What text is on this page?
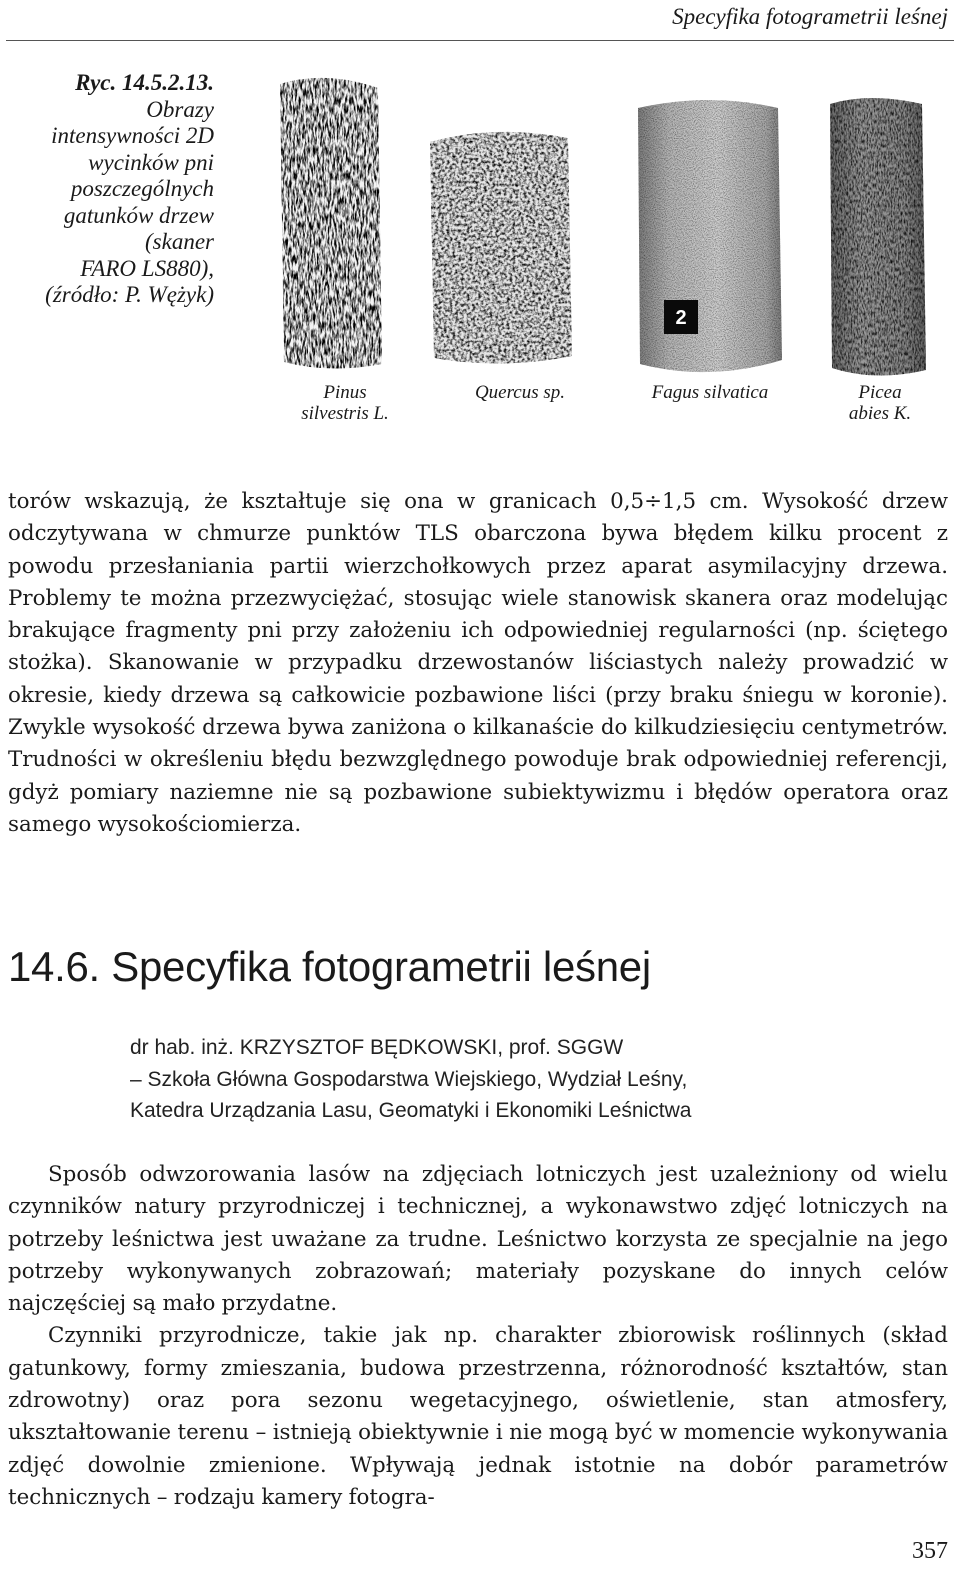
Specyfika fotogrametrii leśnej
Ryc. 14.5.2.13.
Obrazy
intensywności 2D
wycinków pni
poszczególnych
gatunków drzew
(skaner
FARO LS880),
(źródło: P. Wężyk)
2
Pinus
silvestris L.
Quercus sp.	Fagus silvatica	Picea
abies K.

torów wskazują, że kształtuje się ona w granicach 0,5÷1,5 cm. Wysokość drzew odczytywana w chmurze punktów TLS obarczona bywa błędem kilku procent z powodu przesłaniania partii wierzchołkowych przez aparat asymilacyjny drzewa. Problemy te można przezwyciężać, stosując wiele stanowisk skanera oraz modelując brakujące fragmenty pni przy założeniu ich odpowiedniej regularności (np. ściętego stożka). Skanowanie w przypadku drzewostanów liściastych należy prowadzić w okresie, kiedy drzewa są całkowicie pozbawione liści (przy braku śniegu w koronie). Zwykle wysokość drzewa bywa zaniżona o kilkanaście do kilkudziesięciu centymetrów. Trudności w określeniu błędu bezwzględnego powoduje brak odpowiedniej referencji, gdyż pomiary naziemne nie są pozbawione subiektywizmu i błędów operatora oraz samego wysokościomierza.

14.6. Specyfika fotogrametrii leśnej
dr hab. inż. KRZYSZTOF BĘDKOWSKI, prof. SGGW
– Szkoła Główna Gospodarstwa Wiejskiego, Wydział Leśny,
Katedra Urządzania Lasu, Geomatyki i Ekonomiki Leśnictwa

Sposób odwzorowania lasów na zdjęciach lotniczych jest uzależniony od wielu czynników natury przyrodniczej i technicznej, a wykonawstwo zdjęć lotniczych na potrzeby leśnictwa jest uważane za trudne. Leśnictwo korzysta ze specjalnie na jego potrzeby wykonywanych zobrazowań; materiały pozyskane do innych celów najczęściej są mało przydatne.

Czynniki przyrodnicze, takie jak np. charakter zbiorowisk roślinnych (skład gatunkowy, formy zmieszania, budowa przestrzenna, różnorodność kształtów, stan zdrowotny) oraz pora sezonu wegetacyjnego, oświetlenie, stan atmosfery, ukształtowanie terenu – istnieją obiektywnie i nie mogą być w momencie wykonywania zdjęć dowolnie zmienione. Wpływają jednak istotnie na dobór parametrów technicznych – rodzaju kamery fotogra-

357
